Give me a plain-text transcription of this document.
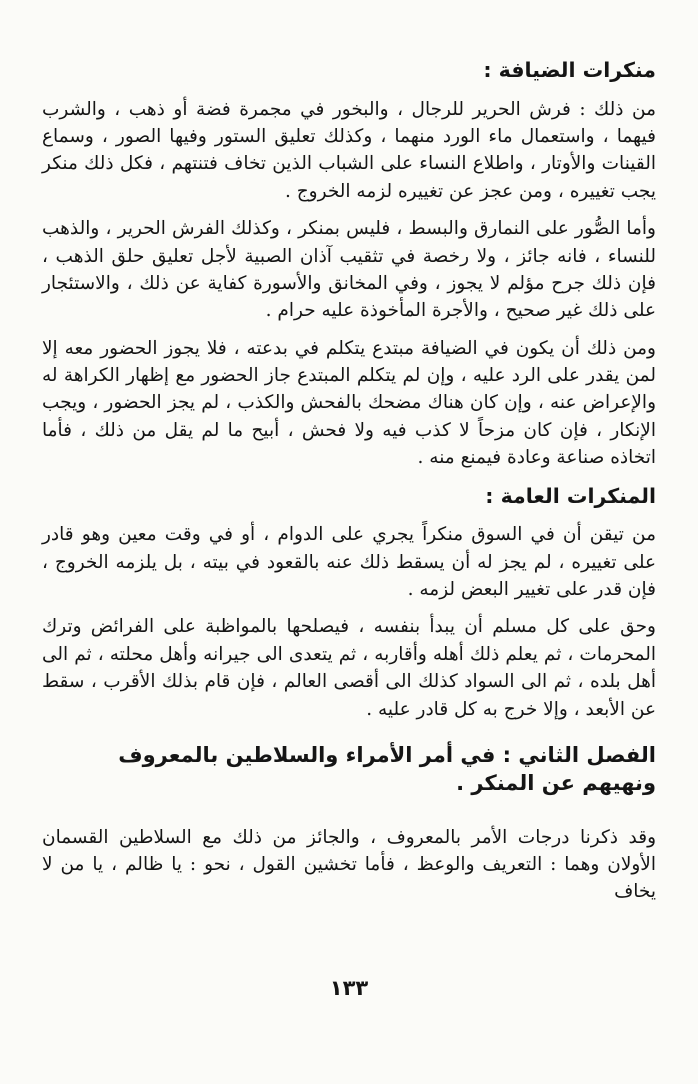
منكرات الضيافة :

من ذلك : فرش الحرير للرجال ، والبخور في مجمرة فضة أو ذهب ، والشرب فيهما ، واستعمال ماء الورد منهما ، وكذلك تعليق الستور وفيها الصور ، وسماع القينات والأوتار ، واطلاع النساء على الشباب الذين تخاف فتنتهم ، فكل ذلك منكر يجب تغييره ، ومن عجز عن تغييره لزمه الخروج .

وأما الصُّور على النمارق والبسط ، فليس بمنكر ، وكذلك الفرش الحرير ، والذهب للنساء ، فانه جائز ، ولا رخصة في تثقيب آذان الصبية لأجل تعليق حلق الذهب ، فإن ذلك جرح مؤلم لا يجوز ، وفي المخانق والأسورة كفاية عن ذلك ، والاستئجار على ذلك غير صحيح ، والأجرة المأخوذة عليه حرام .

ومن ذلك أن يكون في الضيافة مبتدع يتكلم في بدعته ، فلا يجوز الحضور معه إلا لمن يقدر على الرد عليه ، وإن لم يتكلم المبتدع جاز الحضور مع إظهار الكراهة له والإعراض عنه ، وإن كان هناك مضحك بالفحش والكذب ، لم يجز الحضور ، ويجب الإنكار ، فإن كان مزحاً لا كذب فيه ولا فحش ، أبيح ما لم يقل من ذلك ، فأما اتخاذه صناعة وعادة فيمنع منه .

المنكرات العامة :

من تيقن أن في السوق منكراً يجري على الدوام ، أو في وقت معين وهو قادر على تغييره ، لم يجز له أن يسقط ذلك عنه بالقعود في بيته ، بل يلزمه الخروج ، فإن قدر على تغيير البعض لزمه .

وحق على كل مسلم أن يبدأ بنفسه ، فيصلحها بالمواظبة على الفرائض وترك المحرمات ، ثم يعلم ذلك أهله وأقاربه ، ثم يتعدى الى جيرانه وأهل محلته ، ثم الى أهل بلده ، ثم الى السواد كذلك الى أقصى العالم ، فإن قام بذلك الأقرب ، سقط عن الأبعد ، وإلا خرج به كل قادر عليه .

الفصل الثاني : في أمر الأمراء والسلاطين بالمعروف ونهيهم عن المنكر .

وقد ذكرنا درجات الأمر بالمعروف ، والجائز من ذلك مع السلاطين القسمان الأولان وهما : التعريف والوعظ ، فأما تخشين القول ، نحو : يا ظالم ، يا من لا يخاف

١٣٣
